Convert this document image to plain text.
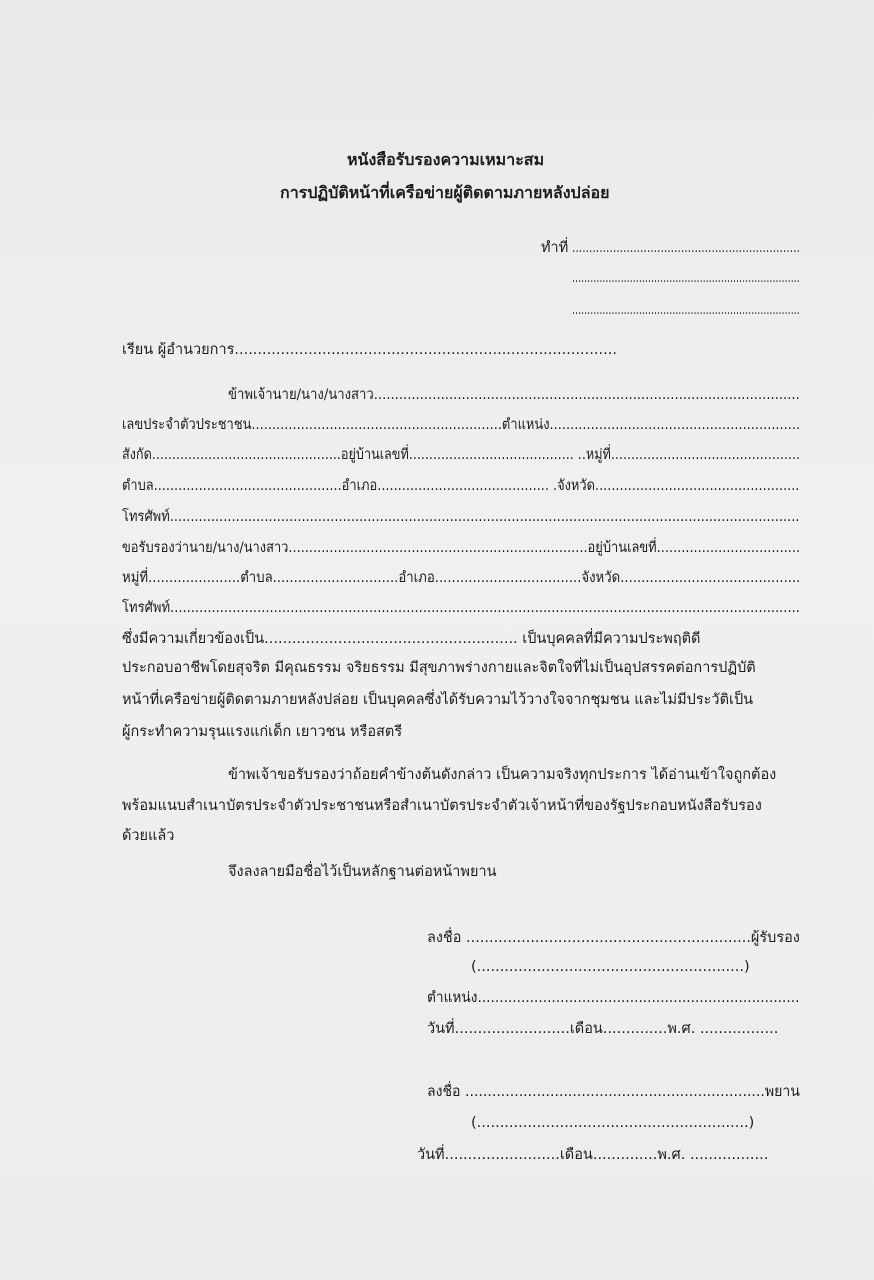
หนังสือรับรองความเหมาะสม
การปฏิบัติหน้าที่เครือข่ายผู้ติดตามภายหลังปล่อย
ทำที่ ...................................................................
...........................................................................
...........................................................................
เรียน ผู้อำนวยการ...................................................................................
ข้าพเจ้านาย/นาง/นางสาว......................................................................................................
เลขประจำตัวประชาชน.............................................................ตำแหน่ง.............................................................
สังกัด...............................................อยู่บ้านเลขที่......................................... ..หมู่ที่...............................................
ตำบล..............................................อำเภอ.......................................... .จังหวัด..................................................
โทรศัพท์.........................................................................................................................................................
ขอรับรองว่านาย/นาง/นางสาว.........................................................................อยู่บ้านเลขที่...................................
หมู่ที่......................ตำบล..............................อำเภอ...................................จังหวัด...........................................
โทรศัพท์........................................................................................................................................................
ซึ่งมีความเกี่ยวข้องเป็น....................................................... เป็นบุคคลที่มีความประพฤติดี
ประกอบอาชีพโดยสุจริต มีคุณธรรม จริยธรรม มีสุขภาพร่างกายและจิตใจที่ไม่เป็นอุปสรรคต่อการปฏิบัติ
หน้าที่เครือข่ายผู้ติดตามภายหลังปล่อย เป็นบุคคลซึ่งได้รับความไว้วางใจจากชุมชน และไม่มีประวัติเป็น
ผู้กระทำความรุนแรงแก่เด็ก เยาวชน หรือสตรี
ข้าพเจ้าขอรับรองว่าถ้อยคำข้างต้นดังกล่าว เป็นความจริงทุกประการ ได้อ่านเข้าใจถูกต้อง
พร้อมแนบสำเนาบัตรประจำตัวประชาชนหรือสำเนาบัตรประจำตัวเจ้าหน้าที่ของรัฐประกอบหนังสือรับรอง
ด้วยแล้ว
จึงลงลายมือชื่อไว้เป็นหลักฐานต่อหน้าพยาน
ลงชื่อ ..............................................................ผู้รับรอง
(..........................................................)
ตำแหน่ง..........................................................................
วันที่.........................เดือน..............พ.ศ. .................
ลงชื่อ ...................................................................พยาน
(...........................................................)
วันที่.........................เดือน..............พ.ศ. .................
